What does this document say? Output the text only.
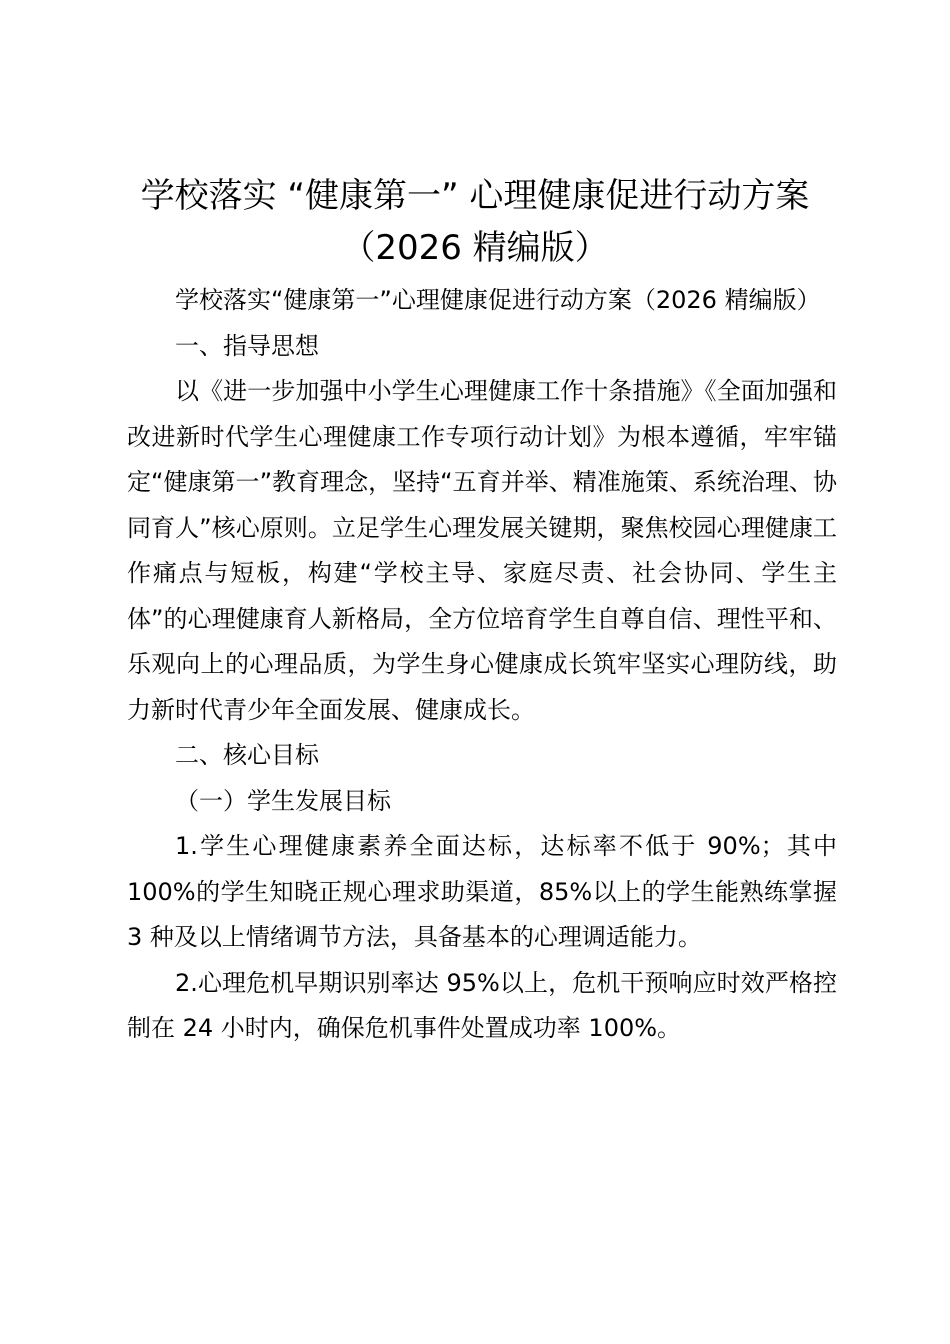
学校落实 “健康第一” 心理健康促进行动方案（2026 精编版）

学校落实“健康第一”心理健康促进行动方案（2026 精编版）

一、指导思想

以《进一步加强中小学生心理健康工作十条措施》《全面加强和改进新时代学生心理健康工作专项行动计划》为根本遵循，牢牢锚定“健康第一”教育理念，坚持“五育并举、精准施策、系统治理、协同育人”核心原则。立足学生心理发展关键期，聚焦校园心理健康工作痛点与短板，构建“学校主导、家庭尽责、社会协同、学生主体”的心理健康育人新格局，全方位培育学生自尊自信、理性平和、乐观向上的心理品质，为学生身心健康成长筑牢坚实心理防线，助力新时代青少年全面发展、健康成长。

二、核心目标

（一）学生发展目标

1.学生心理健康素养全面达标，达标率不低于 90%；其中 100%的学生知晓正规心理求助渠道，85%以上的学生能熟练掌握 3 种及以上情绪调节方法，具备基本的心理调适能力。

2.心理危机早期识别率达 95%以上，危机干预响应时效严格控制在 24 小时内，确保危机事件处置成功率 100%。
